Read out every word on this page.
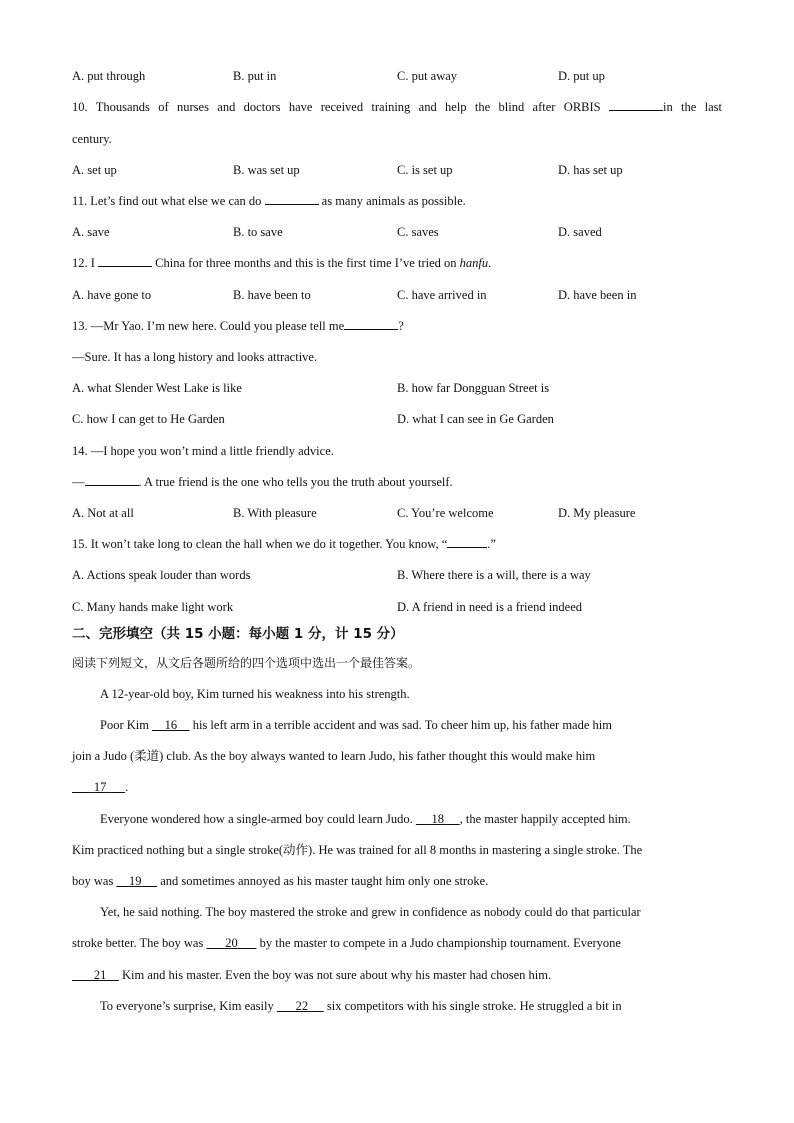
A. put through	B. put in	C. put away	D. put up
10. Thousands of nurses and doctors have received training and help the blind after ORBIS	in the last
century.
A. set up	B. was set up	C. is set up	D. has set up
11. Let’s find out what else we can do	as many animals as possible.
A. save	B. to save	C. saves	D. saved
12. I	China for three months and this is the first time I’ve tried on hanfu.
A. have gone to	B. have been to	C. have arrived in	D. have been in
13. —Mr Yao. I’m new here. Could you please tell me	?
—Sure. It has a long history and looks attractive.
A. what Slender West Lake is like	B. how far Dongguan Street is
C. how I can get to He Garden	D. what I can see in Ge Garden
14. —I hope you won’t mind a little friendly advice.
—	. A true friend is the one who tells you the truth about yourself.
A. Not at all	B. With pleasure	C. You’re welcome	D. My pleasure
15. It won’t take long to clean the hall when we do it together. You know, “	.”
A. Actions speak louder than words	B. Where there is a will, there is a way
C. Many hands make light work	D. A friend in need is a friend indeed
二、完形填空（共 15 小题：每小题 1 分，计 15 分）
阅读下列短文，从文后各题所给的四个选项中选出一个最佳答案。
A 12-year-old boy, Kim turned his weakness into his strength.
Poor Kim 16 his left arm in a terrible accident and was sad. To cheer him up, his father made him
join a Judo (柔道) club. As the boy always wanted to learn Judo, his father thought this would make him
17 .
Everyone wondered how a single-armed boy could learn Judo. 18 , the master happily accepted him.
Kim practiced nothing but a single stroke(动作). He was trained for all 8 months in mastering a single stroke. The
boy was 19 and sometimes annoyed as his master taught him only one stroke.
Yet, he said nothing. The boy mastered the stroke and grew in confidence as nobody could do that particular
stroke better. The boy was 20 by the master to compete in a Judo championship tournament. Everyone
21 Kim and his master. Even the boy was not sure about why his master had chosen him.
To everyone’s surprise, Kim easily 22 six competitors with his single stroke. He struggled a bit in
